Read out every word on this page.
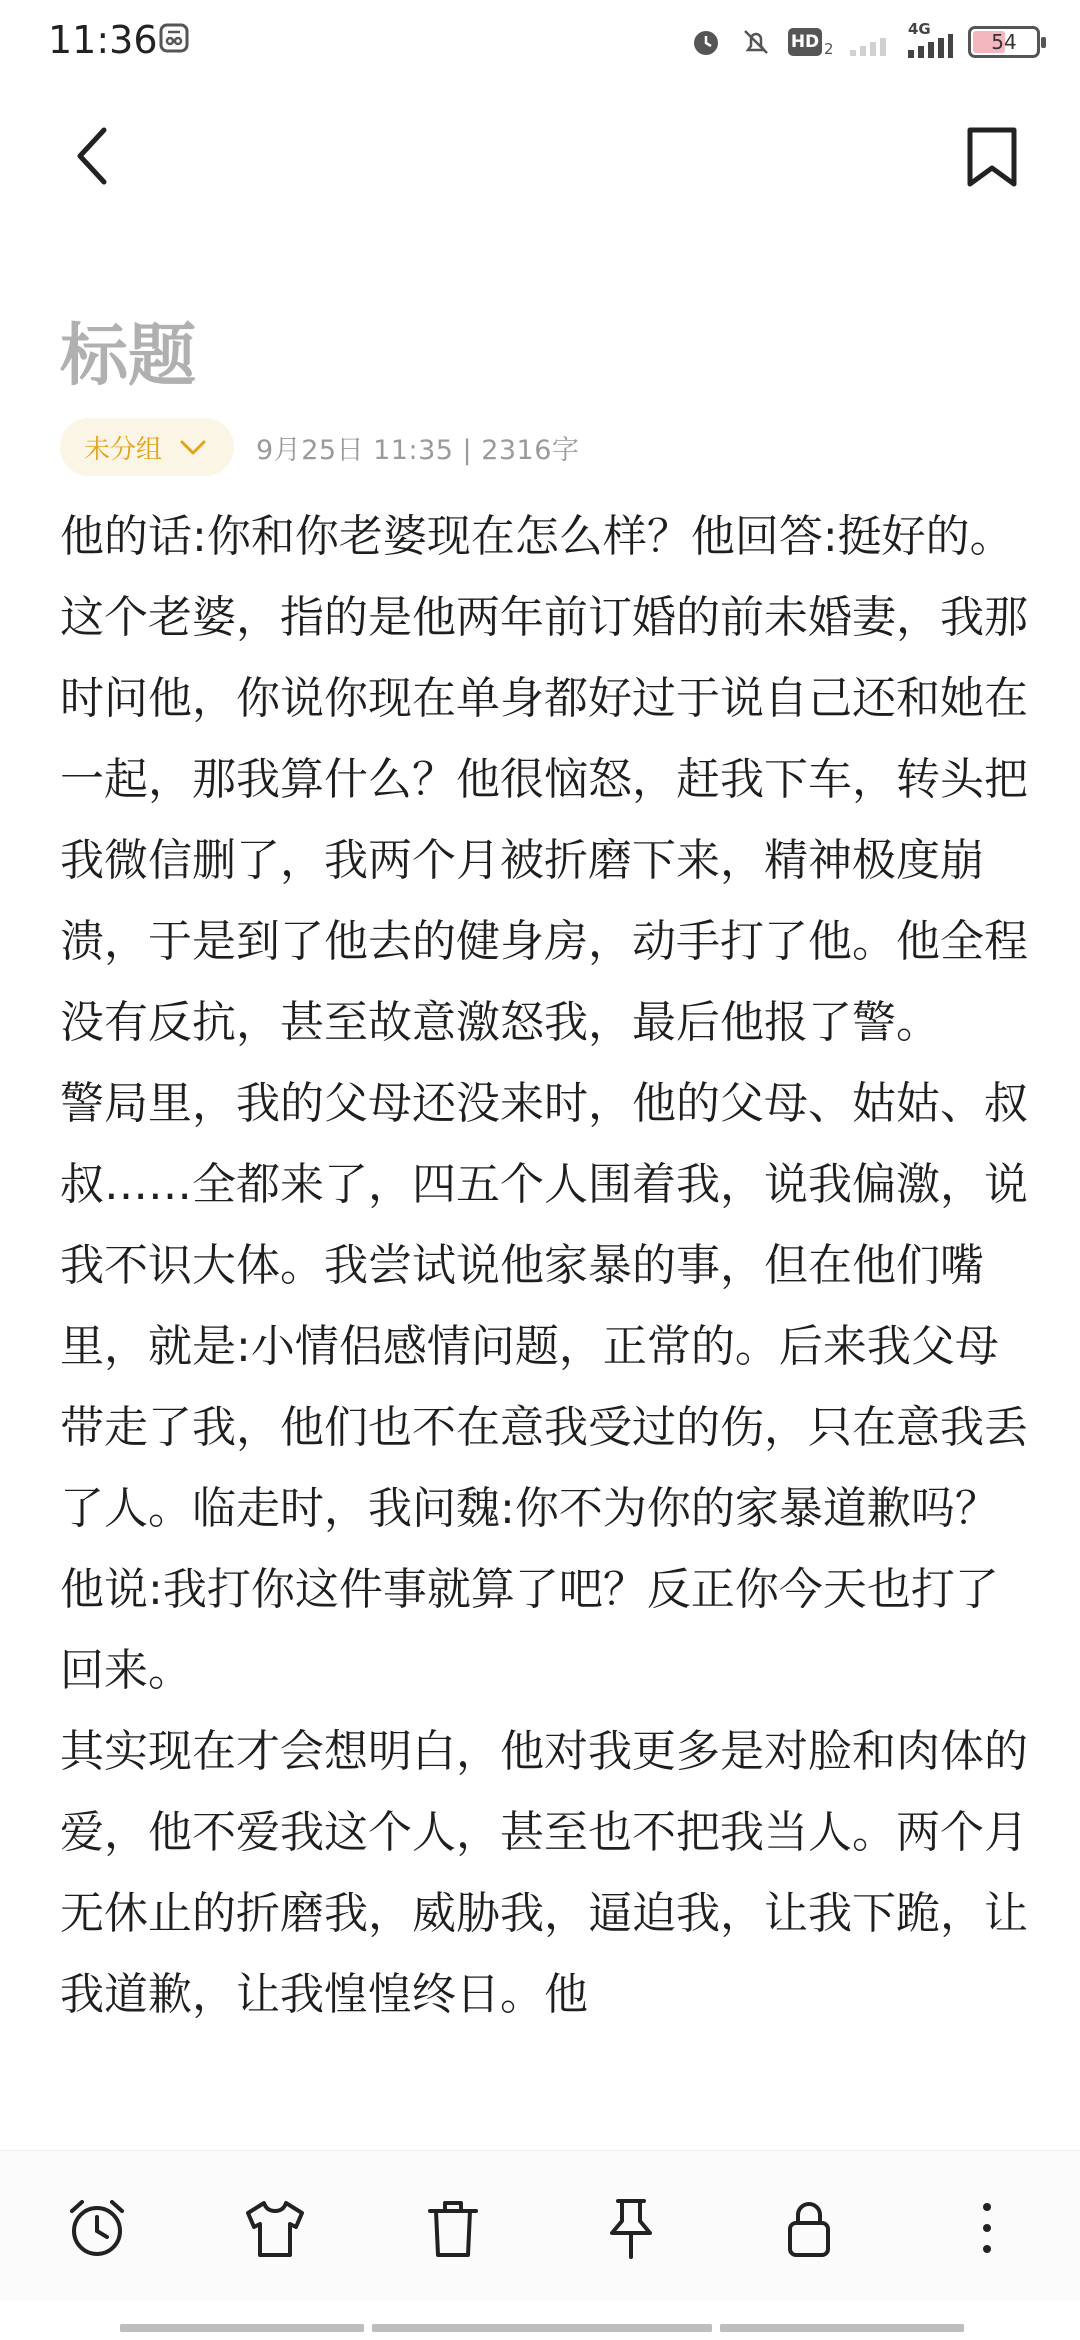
11:36	HD 2
4G
54
标题
未分组	9月25日 11:35 | 2316字

他的话:你和你老婆现在怎么样？他回答:挺好的。这个老婆，指的是他两年前订婚的前未婚妻，我那时问他，你说你现在单身都好过于说自己还和她在一起，那我算什么？他很恼怒，赶我下车，转头把我微信删了，我两个月被折磨下来，精神极度崩溃，于是到了他去的健身房，动手打了他。他全程没有反抗，甚至故意激怒我，最后他报了警。

警局里，我的父母还没来时，他的父母、姑姑、叔叔……全都来了，四五个人围着我，说我偏激，说我不识大体。我尝试说他家暴的事，但在他们嘴里，就是:小情侣感情问题，正常的。后来我父母带走了我，他们也不在意我受过的伤，只在意我丢了人。临走时，我问魏:你不为你的家暴道歉吗？他说:我打你这件事就算了吧？反正你今天也打了回来。

其实现在才会想明白，他对我更多是对脸和肉体的爱，他不爱我这个人，甚至也不把我当人。两个月无休止的折磨我，威胁我，逼迫我，让我下跪，让我道歉，让我惶惶终日。他
